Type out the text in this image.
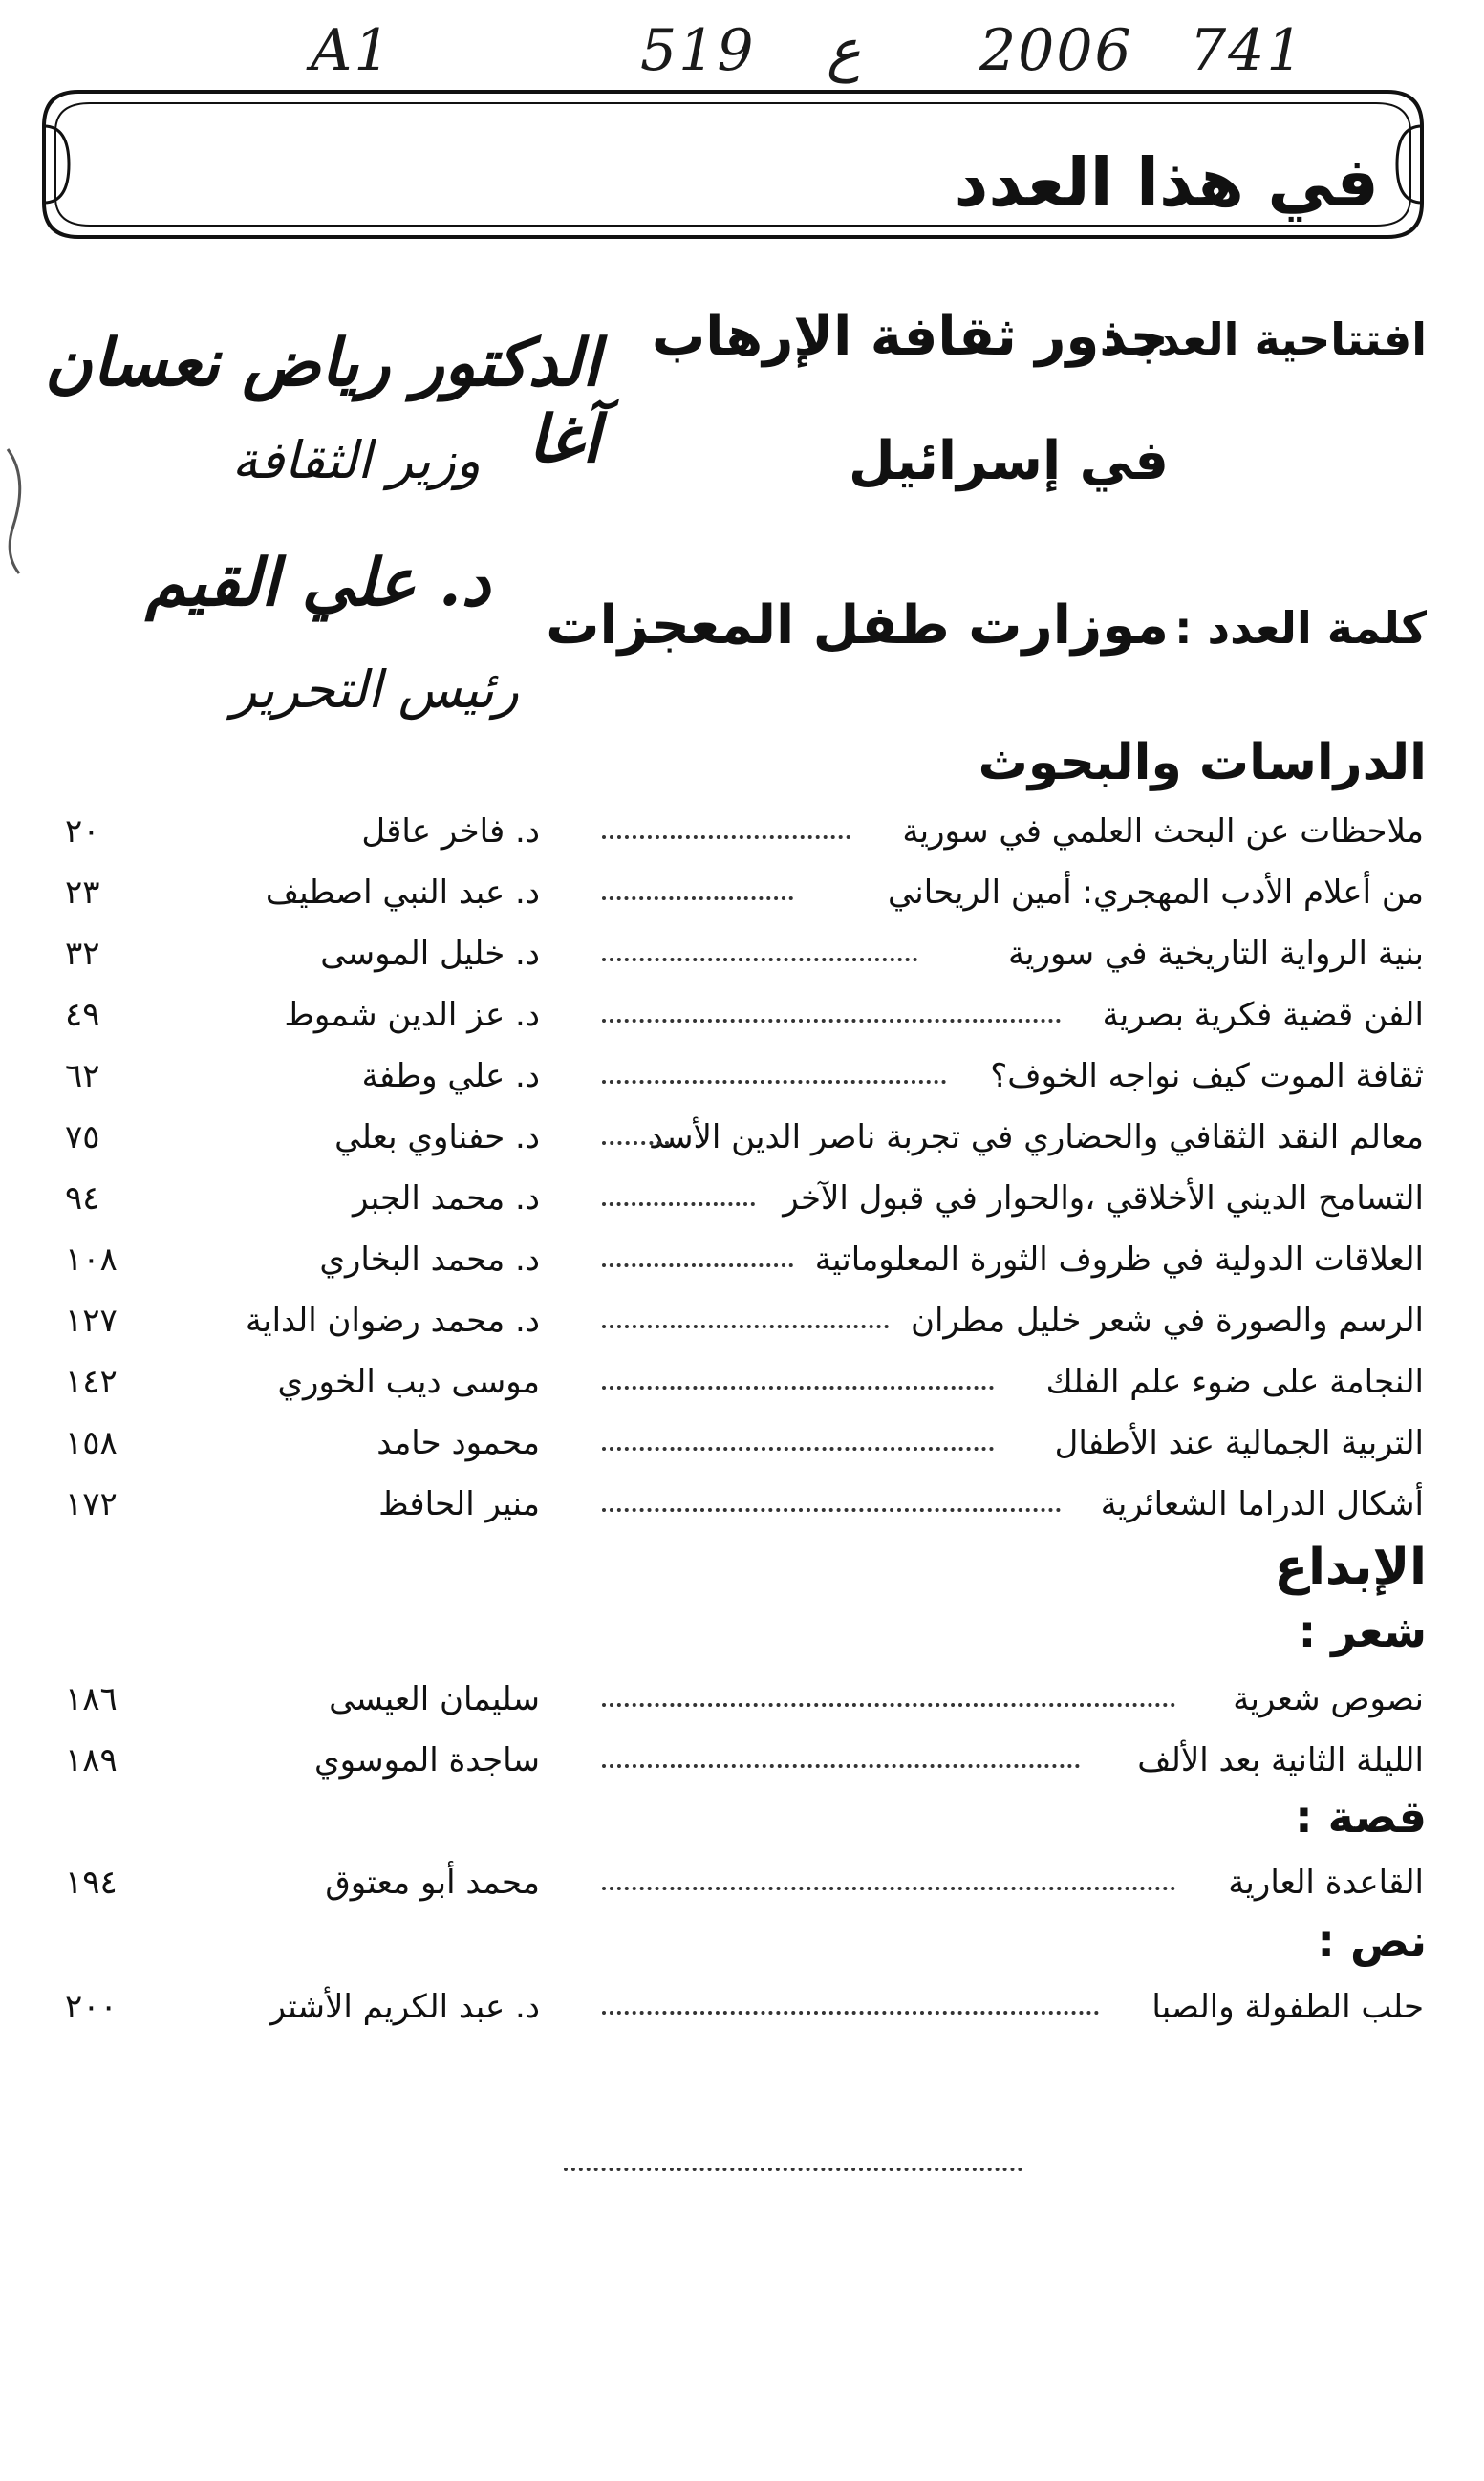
A1	519 ع 2006 741
في هذا العدد
افتتاحية العدد :
جذور ثقافة الإرهاب
في إسرائيل
الدكتور رياض نعسان آغا
وزير الثقافة
كلمة العدد :
موزارت طفل المعجزات
د. علي القيم
رئيس التحرير
الدراسات والبحوث
ملاحظات عن البحث العلمي في سورية
د. فاخر عاقل
٢٠
من أعلام الأدب المهجري: أمين الريحاني
د. عبد النبي اصطيف
٢٣
بنية الرواية التاريخية في سورية
د. خليل الموسى
٣٢
الفن قضية فكرية بصرية
د. عز الدين شموط
٤٩
ثقافة الموت كيف نواجه الخوف؟
د. علي وطفة
٦٢
معالم النقد الثقافي والحضاري في تجربة ناصر الدين الأسد
د. حفناوي بعلي
٧٥
التسامح الديني الأخلاقي ،والحوار في قبول الآخر
د. محمد الجبر
٩٤
العلاقات الدولية في ظروف الثورة المعلوماتية
د. محمد البخاري
١٠٨
الرسم والصورة في شعر خليل مطران
د. محمد رضوان الداية
١٢٧
النجامة على ضوء علم الفلك
موسى ديب الخوري
١٤٢
التربية الجمالية عند الأطفال
محمود حامد
١٥٨
أشكال الدراما الشعائرية
منير الحافظ
١٧٢
الإبداع
شعر :
نصوص شعرية
سليمان العيسى
١٨٦
الليلة الثانية بعد الألف
ساجدة الموسوي
١٨٩
قصة :
القاعدة العارية
محمد أبو معتوق
١٩٤
نص :
حلب الطفولة والصبا
د. عبد الكريم الأشتر
٢٠٠
